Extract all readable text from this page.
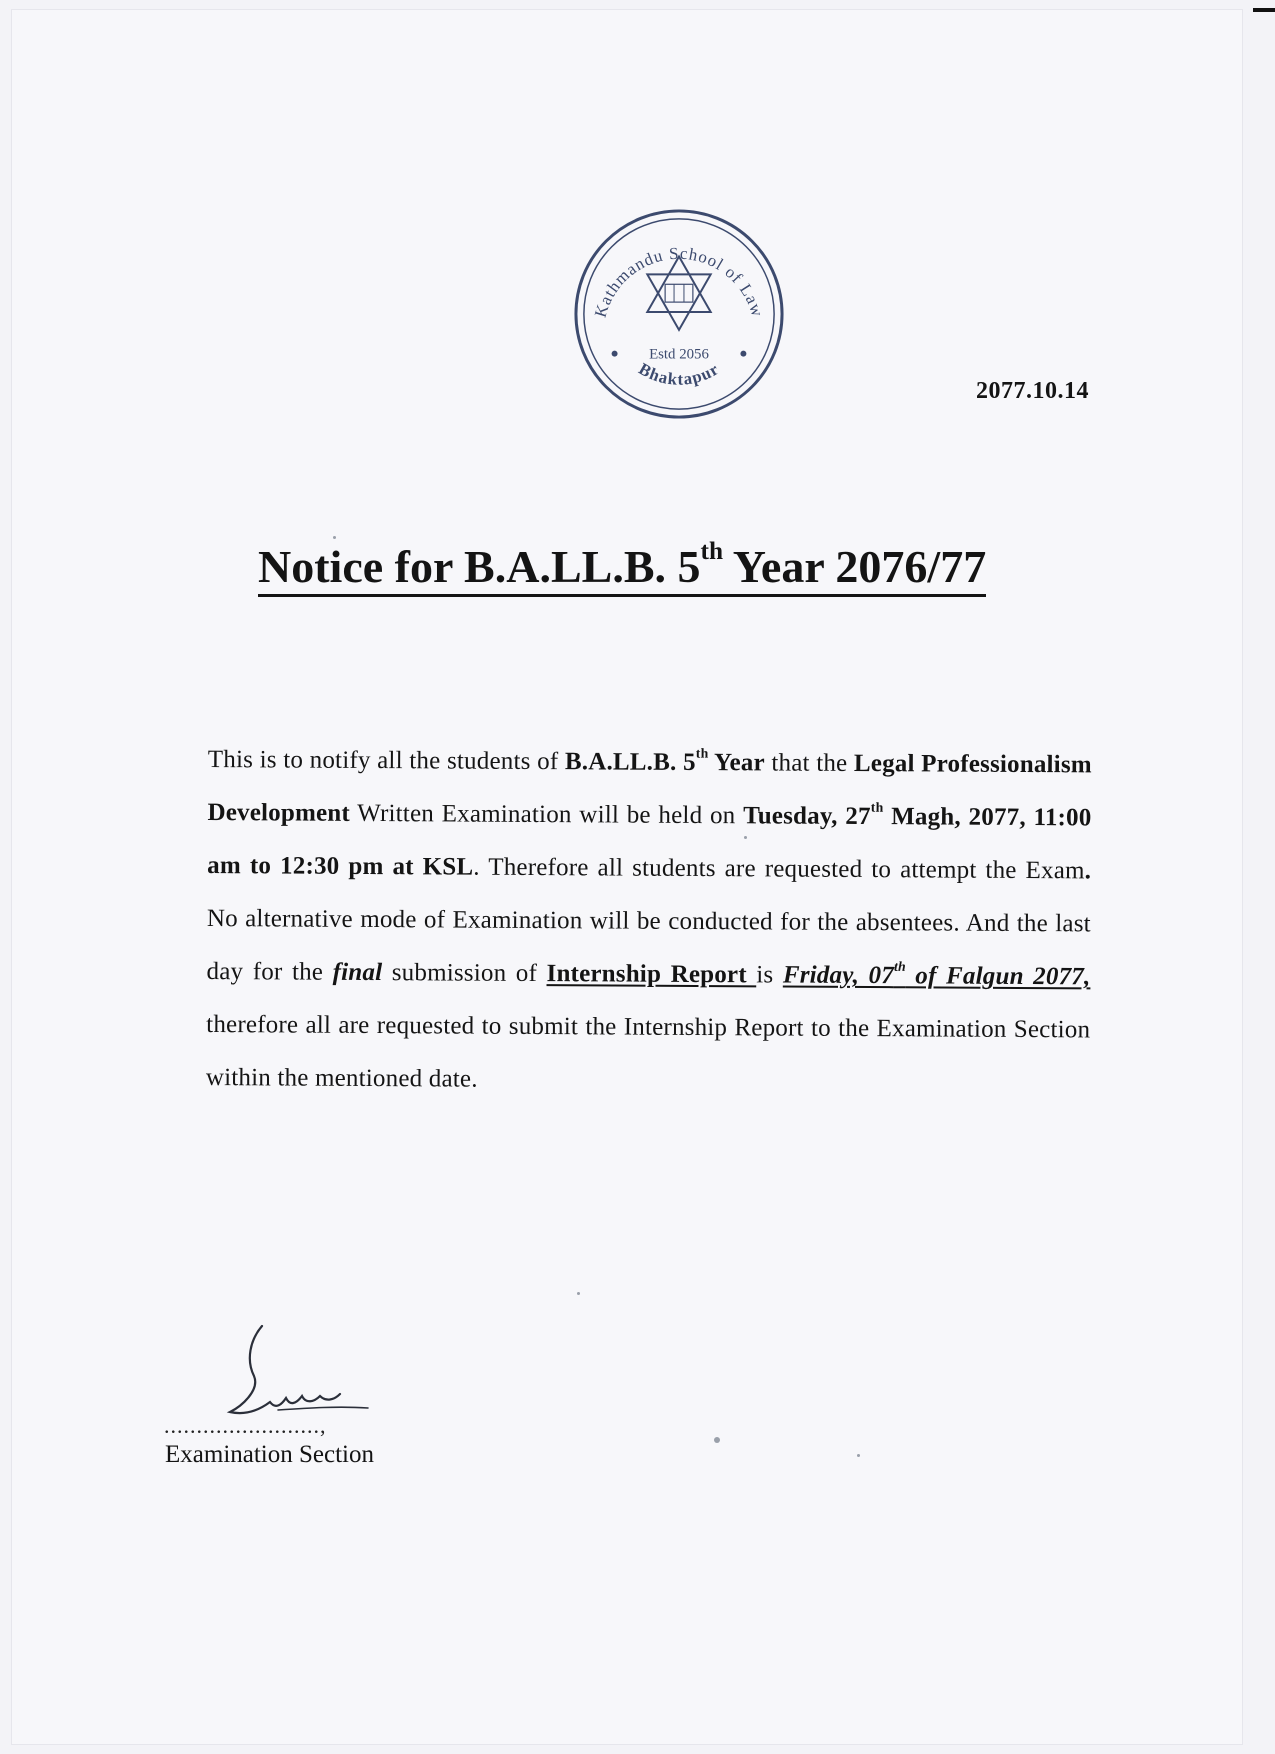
Kathmandu School of Law
Estd 2056
Bhaktapur
2077.10.14
Notice for B.A.LL.B. 5th Year 2076/77

This is to notify all the students of B.A.LL.B. 5th Year that the Legal Professionalism Development Written Examination will be held on Tuesday, 27th Magh, 2077, 11:00 am to 12:30 pm at KSL. Therefore all students are requested to attempt the Exam. No alternative mode of Examination will be conducted for the absentees. And the last day for the final submission of Internship Report is Friday, 07th of Falgun 2077, therefore all are requested to submit the Internship Report to the Examination Section within the mentioned date.

........................,
Examination Section
